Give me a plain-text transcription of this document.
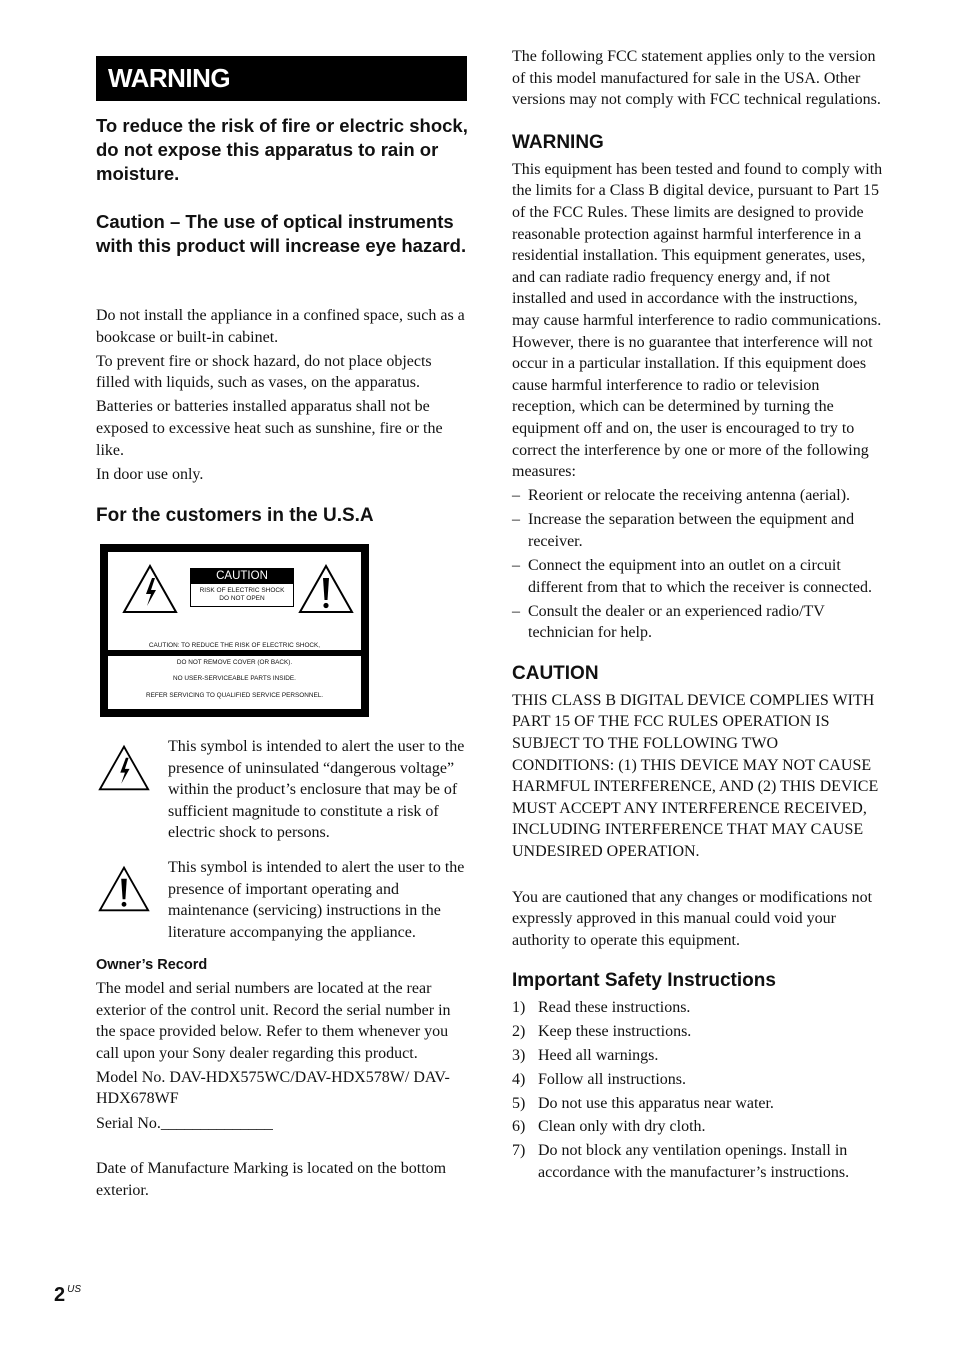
WARNING

To reduce the risk of fire or electric shock, do not expose this apparatus to rain or moisture.

Caution – The use of optical instruments with this product will increase eye hazard.

Do not install the appliance in a confined space, such as a bookcase or built-in cabinet.

To prevent fire or shock hazard, do not place objects filled with liquids, such as vases, on the apparatus.

Batteries or batteries installed apparatus shall not be exposed to excessive heat such as sunshine, fire or the like.

In door use only.

For the customers in the U.S.A
CAUTION
RISK OF ELECTRIC SHOCK
DO NOT OPEN
CAUTION: TO REDUCE THE RISK OF ELECTRIC SHOCK,
DO NOT REMOVE COVER (OR BACK).
NO USER-SERVICEABLE PARTS INSIDE.
REFER SERVICING TO QUALIFIED SERVICE PERSONNEL.
This symbol is intended to alert the user to the presence of uninsulated “dangerous voltage” within the product’s enclosure that may be of sufficient magnitude to constitute a risk of electric shock to persons.
This symbol is intended to alert the user to the presence of important operating and maintenance (servicing) instructions in the literature accompanying the appliance.
Owner’s Record

The model and serial numbers are located at the rear exterior of the control unit. Record the serial number in the space provided below. Refer to them whenever you call upon your Sony dealer regarding this product.

Model No. DAV-HDX575WC/DAV-HDX578W/ DAV-HDX678WF

Serial No.______________

Date of Manufacture Marking is located on the bottom exterior.

The following FCC statement applies only to the version of this model manufactured for sale in the USA. Other versions may not comply with FCC technical regulations.

WARNING

This equipment has been tested and found to comply with the limits for a Class B digital device, pursuant to Part 15 of the FCC Rules. These limits are designed to provide reasonable protection against harmful interference in a residential installation. This equipment generates, uses, and can radiate radio frequency energy and, if not installed and used in accordance with the instructions, may cause harmful interference to radio communications. However, there is no guarantee that interference will not occur in a particular installation. If this equipment does cause harmful interference to radio or television reception, which can be determined by turning the equipment off and on, the user is encouraged to try to correct the interference by one or more of the following measures:

– Reorient or relocate the receiving antenna (aerial).
– Increase the separation between the equipment and receiver.
– Connect the equipment into an outlet on a circuit different from that to which the receiver is connected.
– Consult the dealer or an experienced radio/TV technician for help.
CAUTION

THIS CLASS B DIGITAL DEVICE COMPLIES WITH PART 15 OF THE FCC RULES OPERATION IS SUBJECT TO THE FOLLOWING TWO CONDITIONS: (1) THIS DEVICE MAY NOT CAUSE HARMFUL INTERFERENCE, AND (2) THIS DEVICE MUST ACCEPT ANY INTERFERENCE RECEIVED, INCLUDING INTERFERENCE THAT MAY CAUSE UNDESIRED OPERATION.

You are cautioned that any changes or modifications not expressly approved in this manual could void your authority to operate this equipment.

Important Safety Instructions
1) Read these instructions.
2) Keep these instructions.
3) Heed all warnings.
4) Follow all instructions.
5) Do not use this apparatus near water.
6) Clean only with dry cloth.
7) Do not block any ventilation openings. Install in accordance with the manufacturer’s instructions.
2 $^{US}$
